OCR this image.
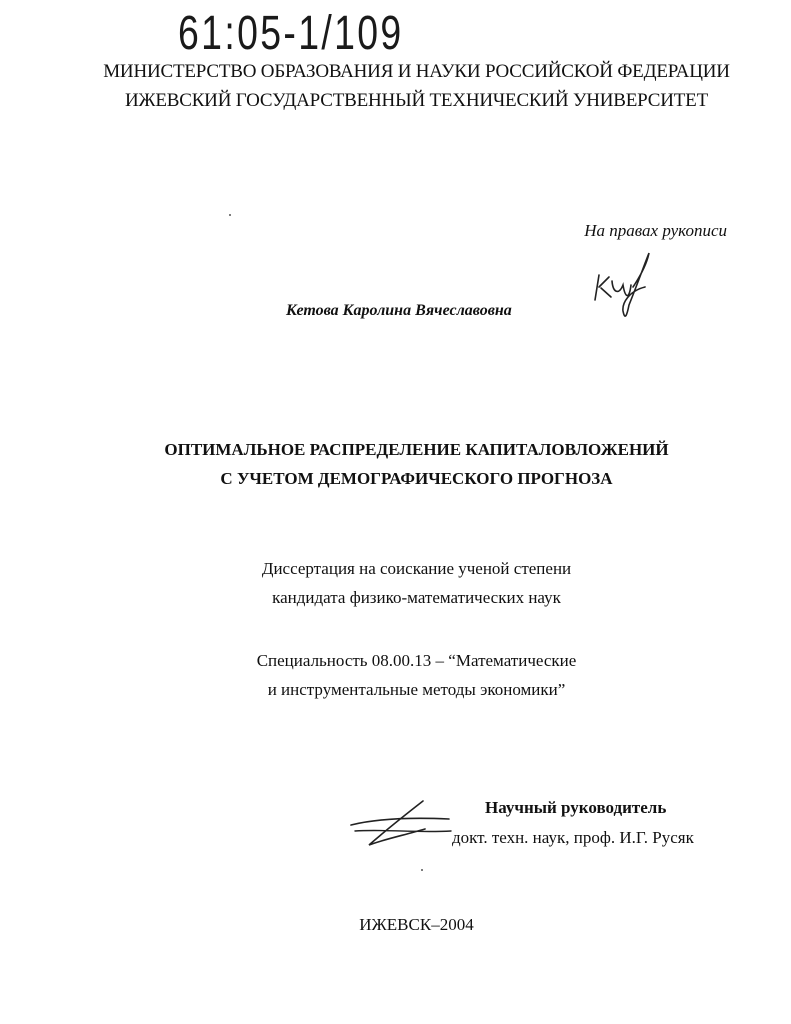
61:05-1/109
МИНИСТЕРСТВО ОБРАЗОВАНИЯ И НАУКИ РОССИЙСКОЙ ФЕДЕРАЦИИ
ИЖЕВСКИЙ ГОСУДАРСТВЕННЫЙ ТЕХНИЧЕСКИЙ УНИВЕРСИТЕТ
На правах рукописи
Кетова Каролина Вячеславовна
ОПТИМАЛЬНОЕ РАСПРЕДЕЛЕНИЕ КАПИТАЛОВЛОЖЕНИЙ
С УЧЕТОМ ДЕМОГРАФИЧЕСКОГО ПРОГНОЗА
Диссертация на соискание ученой степени
кандидата физико-математических наук
Специальность 08.00.13 – “Математические
и инструментальные методы экономики”
Научный руководитель
докт. техн. наук, проф. И.Г. Русяк
ИЖЕВСК–2004
